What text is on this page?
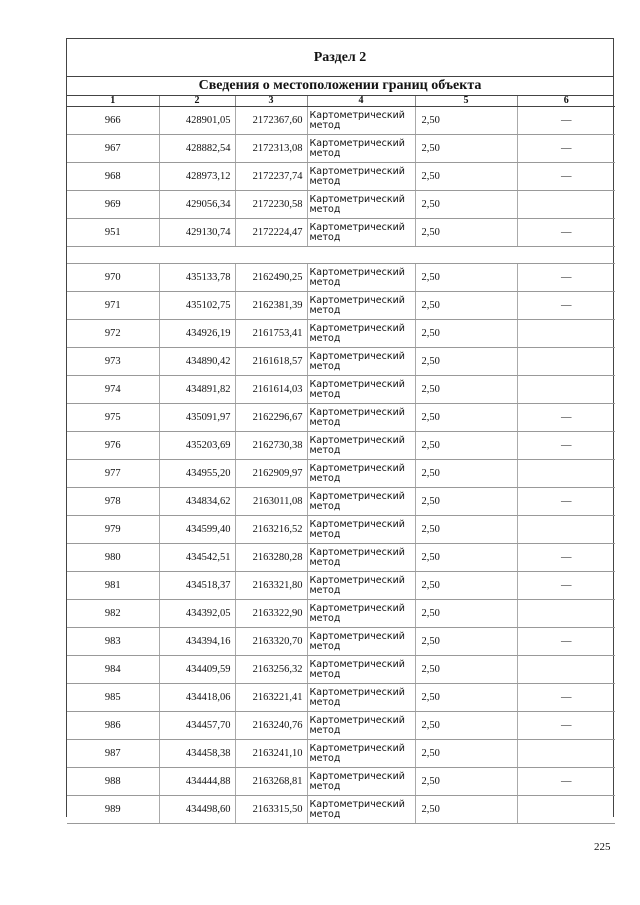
Раздел 2
Сведения о местоположении границ объекта
1	2	3	4	5	6
966	428901,05	2172367,60	Картометрический метод	2,50	—
967	428882,54	2172313,08	Картометрический метод	2,50	—
968	428973,12	2172237,74	Картометрический метод	2,50	—
969	429056,34	2172230,58	Картометрический метод	2,50	
951	429130,74	2172224,47	Картометрический метод	2,50	—

970	435133,78	2162490,25	Картометрический метод	2,50	—
971	435102,75	2162381,39	Картометрический метод	2,50	—
972	434926,19	2161753,41	Картометрический метод	2,50	
973	434890,42	2161618,57	Картометрический метод	2,50	
974	434891,82	2161614,03	Картометрический метод	2,50	
975	435091,97	2162296,67	Картометрический метод	2,50	—
976	435203,69	2162730,38	Картометрический метод	2,50	—
977	434955,20	2162909,97	Картометрический метод	2,50	
978	434834,62	2163011,08	Картометрический метод	2,50	—
979	434599,40	2163216,52	Картометрический метод	2,50	
980	434542,51	2163280,28	Картометрический метод	2,50	—
981	434518,37	2163321,80	Картометрический метод	2,50	—
982	434392,05	2163322,90	Картометрический метод	2,50	
983	434394,16	2163320,70	Картометрический метод	2,50	—
984	434409,59	2163256,32	Картометрический метод	2,50	
985	434418,06	2163221,41	Картометрический метод	2,50	—
986	434457,70	2163240,76	Картометрический метод	2,50	—
987	434458,38	2163241,10	Картометрический метод	2,50	
988	434444,88	2163268,81	Картометрический метод	2,50	—
989	434498,60	2163315,50	Картометрический метод	2,50	
225
